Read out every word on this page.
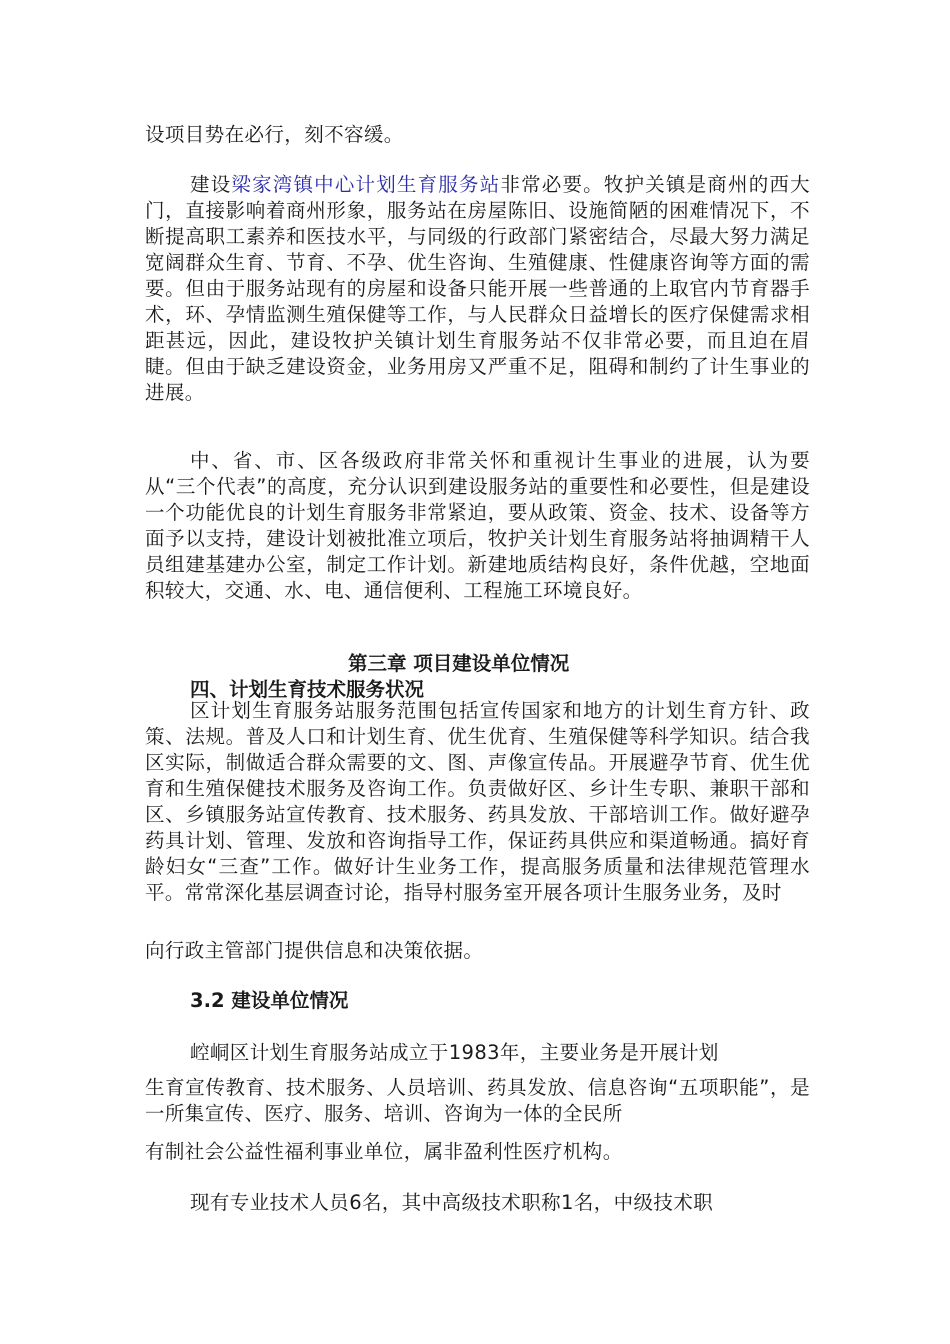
设项目势在必行，刻不容缓。
建设梁家湾镇中心计划生育服务站非常必要。牧护关镇是商州的西大门，直接影响着商州形象，服务站在房屋陈旧、设施简陋的困难情况下，不断提高职工素养和医技水平，与同级的行政部门紧密结合，尽最大努力满足宽阔群众生育、节育、不孕、优生咨询、生殖健康、性健康咨询等方面的需要。但由于服务站现有的房屋和设备只能开展一些普通的上取官内节育器手术，环、孕情监测生殖保健等工作，与人民群众日益增长的医疗保健需求相距甚远，因此，建设牧护关镇计划生育服务站不仅非常必要，而且迫在眉睫。但由于缺乏建设资金，业务用房又严重不足，阻碍和制约了计生事业的进展。
中、省、市、区各级政府非常关怀和重视计生事业的进展，认为要从“三个代表”的高度，充分认识到建设服务站的重要性和必要性，但是建设一个功能优良的计划生育服务非常紧迫，要从政策、资金、技术、设备等方面予以支持，建设计划被批准立项后，牧护关计划生育服务站将抽调精干人员组建基建办公室，制定工作计划。新建地质结构良好，条件优越，空地面积较大，交通、水、电、通信便利、工程施工环境良好。
第三章 项目建设单位情况
四、计划生育技术服务状况
区计划生育服务站服务范围包括宣传国家和地方的计划生育方针、政策、法规。普及人口和计划生育、优生优育、生殖保健等科学知识。结合我区实际，制做适合群众需要的文、图、声像宣传品。开展避孕节育、优生优育和生殖保健技术服务及咨询工作。负责做好区、乡计生专职、兼职干部和区、乡镇服务站宣传教育、技术服务、药具发放、干部培训工作。做好避孕药具计划、管理、发放和咨询指导工作，保证药具供应和渠道畅通。搞好育龄妇女“三查”工作。做好计生业务工作，提高服务质量和法律规范管理水平。常常深化基层调查讨论，指导村服务室开展各项计生服务业务，及时
向行政主管部门提供信息和决策依据。
3.2 建设单位情况
崆峒区计划生育服务站成立于1983年，主要业务是开展计划
生育宣传教育、技术服务、人员培训、药具发放、信息咨询“五项职能”，是一所集宣传、医疗、服务、培训、咨询为一体的全民所
有制社会公益性福利事业单位，属非盈利性医疗机构。
现有专业技术人员6名，其中高级技术职称1名，中级技术职
